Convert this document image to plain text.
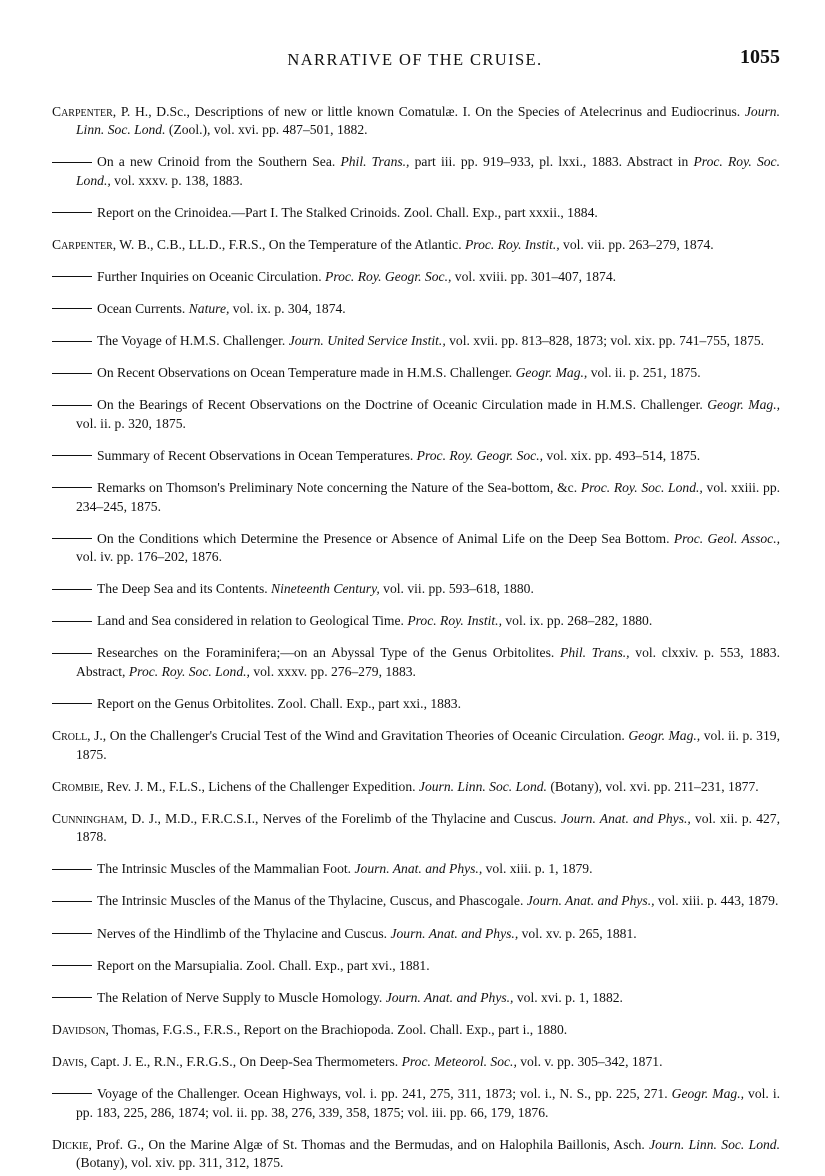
NARRATIVE OF THE CRUISE.	1055

Carpenter, P. H., D.Sc., Descriptions of new or little known Comatulæ. I. On the Species of Atelecrinus and Eudiocrinus. Journ. Linn. Soc. Lond. (Zool.), vol. xvi. pp. 487–501, 1882.

On a new Crinoid from the Southern Sea. Phil. Trans., part iii. pp. 919–933, pl. lxxi., 1883. Abstract in Proc. Roy. Soc. Lond., vol. xxxv. p. 138, 1883.

Report on the Crinoidea.—Part I. The Stalked Crinoids. Zool. Chall. Exp., part xxxii., 1884.

Carpenter, W. B., C.B., LL.D., F.R.S., On the Temperature of the Atlantic. Proc. Roy. Instit., vol. vii. pp. 263–279, 1874.

Further Inquiries on Oceanic Circulation. Proc. Roy. Geogr. Soc., vol. xviii. pp. 301–407, 1874.

Ocean Currents. Nature, vol. ix. p. 304, 1874.

The Voyage of H.M.S. Challenger. Journ. United Service Instit., vol. xvii. pp. 813–828, 1873; vol. xix. pp. 741–755, 1875.

On Recent Observations on Ocean Temperature made in H.M.S. Challenger. Geogr. Mag., vol. ii. p. 251, 1875.

On the Bearings of Recent Observations on the Doctrine of Oceanic Circulation made in H.M.S. Challenger. Geogr. Mag., vol. ii. p. 320, 1875.

Summary of Recent Observations in Ocean Temperatures. Proc. Roy. Geogr. Soc., vol. xix. pp. 493–514, 1875.

Remarks on Thomson's Preliminary Note concerning the Nature of the Sea-bottom, &c. Proc. Roy. Soc. Lond., vol. xxiii. pp. 234–245, 1875.

On the Conditions which Determine the Presence or Absence of Animal Life on the Deep Sea Bottom. Proc. Geol. Assoc., vol. iv. pp. 176–202, 1876.

The Deep Sea and its Contents. Nineteenth Century, vol. vii. pp. 593–618, 1880.

Land and Sea considered in relation to Geological Time. Proc. Roy. Instit., vol. ix. pp. 268–282, 1880.

Researches on the Foraminifera;—on an Abyssal Type of the Genus Orbitolites. Phil. Trans., vol. clxxiv. p. 553, 1883. Abstract, Proc. Roy. Soc. Lond., vol. xxxv. pp. 276–279, 1883.

Report on the Genus Orbitolites. Zool. Chall. Exp., part xxi., 1883.

Croll, J., On the Challenger's Crucial Test of the Wind and Gravitation Theories of Oceanic Circulation. Geogr. Mag., vol. ii. p. 319, 1875.

Crombie, Rev. J. M., F.L.S., Lichens of the Challenger Expedition. Journ. Linn. Soc. Lond. (Botany), vol. xvi. pp. 211–231, 1877.

Cunningham, D. J., M.D., F.R.C.S.I., Nerves of the Forelimb of the Thylacine and Cuscus. Journ. Anat. and Phys., vol. xii. p. 427, 1878.

The Intrinsic Muscles of the Mammalian Foot. Journ. Anat. and Phys., vol. xiii. p. 1, 1879.

The Intrinsic Muscles of the Manus of the Thylacine, Cuscus, and Phascogale. Journ. Anat. and Phys., vol. xiii. p. 443, 1879.

Nerves of the Hindlimb of the Thylacine and Cuscus. Journ. Anat. and Phys., vol. xv. p. 265, 1881.

Report on the Marsupialia. Zool. Chall. Exp., part xvi., 1881.

The Relation of Nerve Supply to Muscle Homology. Journ. Anat. and Phys., vol. xvi. p. 1, 1882.

Davidson, Thomas, F.G.S., F.R.S., Report on the Brachiopoda. Zool. Chall. Exp., part i., 1880.

Davis, Capt. J. E., R.N., F.R.G.S., On Deep-Sea Thermometers. Proc. Meteorol. Soc., vol. v. pp. 305–342, 1871.

Voyage of the Challenger. Ocean Highways, vol. i. pp. 241, 275, 311, 1873; vol. i., N. S., pp. 225, 271. Geogr. Mag., vol. i. pp. 183, 225, 286, 1874; vol. ii. pp. 38, 276, 339, 358, 1875; vol. iii. pp. 66, 179, 1876.

Dickie, Prof. G., On the Marine Algæ of St. Thomas and the Bermudas, and on Halophila Baillonis, Asch. Journ. Linn. Soc. Lond. (Botany), vol. xiv. pp. 311, 312, 1875.
